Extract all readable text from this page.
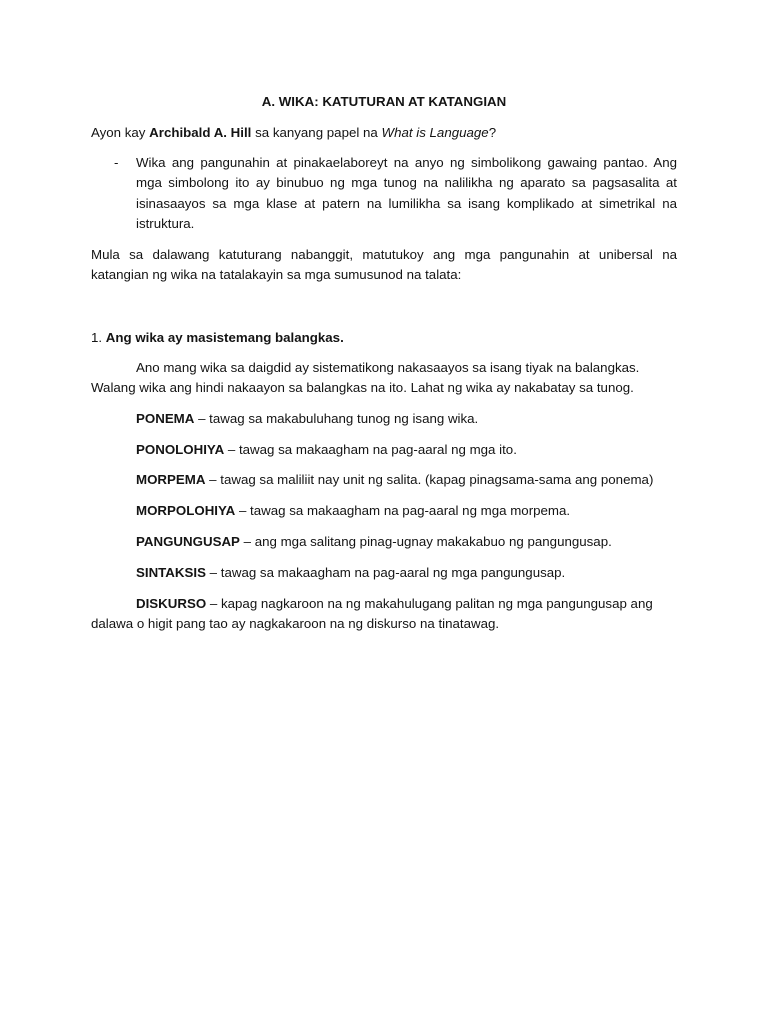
A. WIKA: KATUTURAN AT KATANGIAN
Ayon kay Archibald A. Hill sa kanyang papel na What is Language?
- Wika ang pangunahin at pinakaelaboreyt na anyo ng simbolikong gawaing pantao. Ang
mga simbolong ito ay binubuo ng mga tunog na nalilikha ng aparato sa pagsasalita at
isinasaayos sa mga klase at patern na lumilikha sa isang komplikado at simetrikal na
istruktura.
Mula sa dalawang katuturang nabanggit, matutukoy ang mga pangunahin at unibersal na
katangian ng wika na tatalakayin sa mga sumusunod na talata:
1. Ang wika ay masistemang balangkas.
Ano mang wika sa daigdid ay sistematikong nakasaayos sa isang tiyak na balangkas.
Walang wika ang hindi nakaayon sa balangkas na ito. Lahat ng wika ay nakabatay sa tunog.
PONEMA – tawag sa makabuluhang tunog ng isang wika.
PONOLOHIYA – tawag sa makaagham na pag-aaral ng mga ito.
MORPEMA – tawag sa maliliit nay unit ng salita. (kapag pinagsama-sama ang ponema)
MORPOLOHIYA – tawag sa makaagham na pag-aaral ng mga morpema.
PANGUNGUSAP – ang mga salitang pinag-ugnay makakabuo ng pangungusap.
SINTAKSIS – tawag sa makaagham na pag-aaral ng mga pangungusap.
DISKURSO – kapag nagkaroon na ng makahulugang palitan ng mga pangungusap ang
dalawa o higit pang tao ay nagkakaroon na ng diskurso na tinatawag.
